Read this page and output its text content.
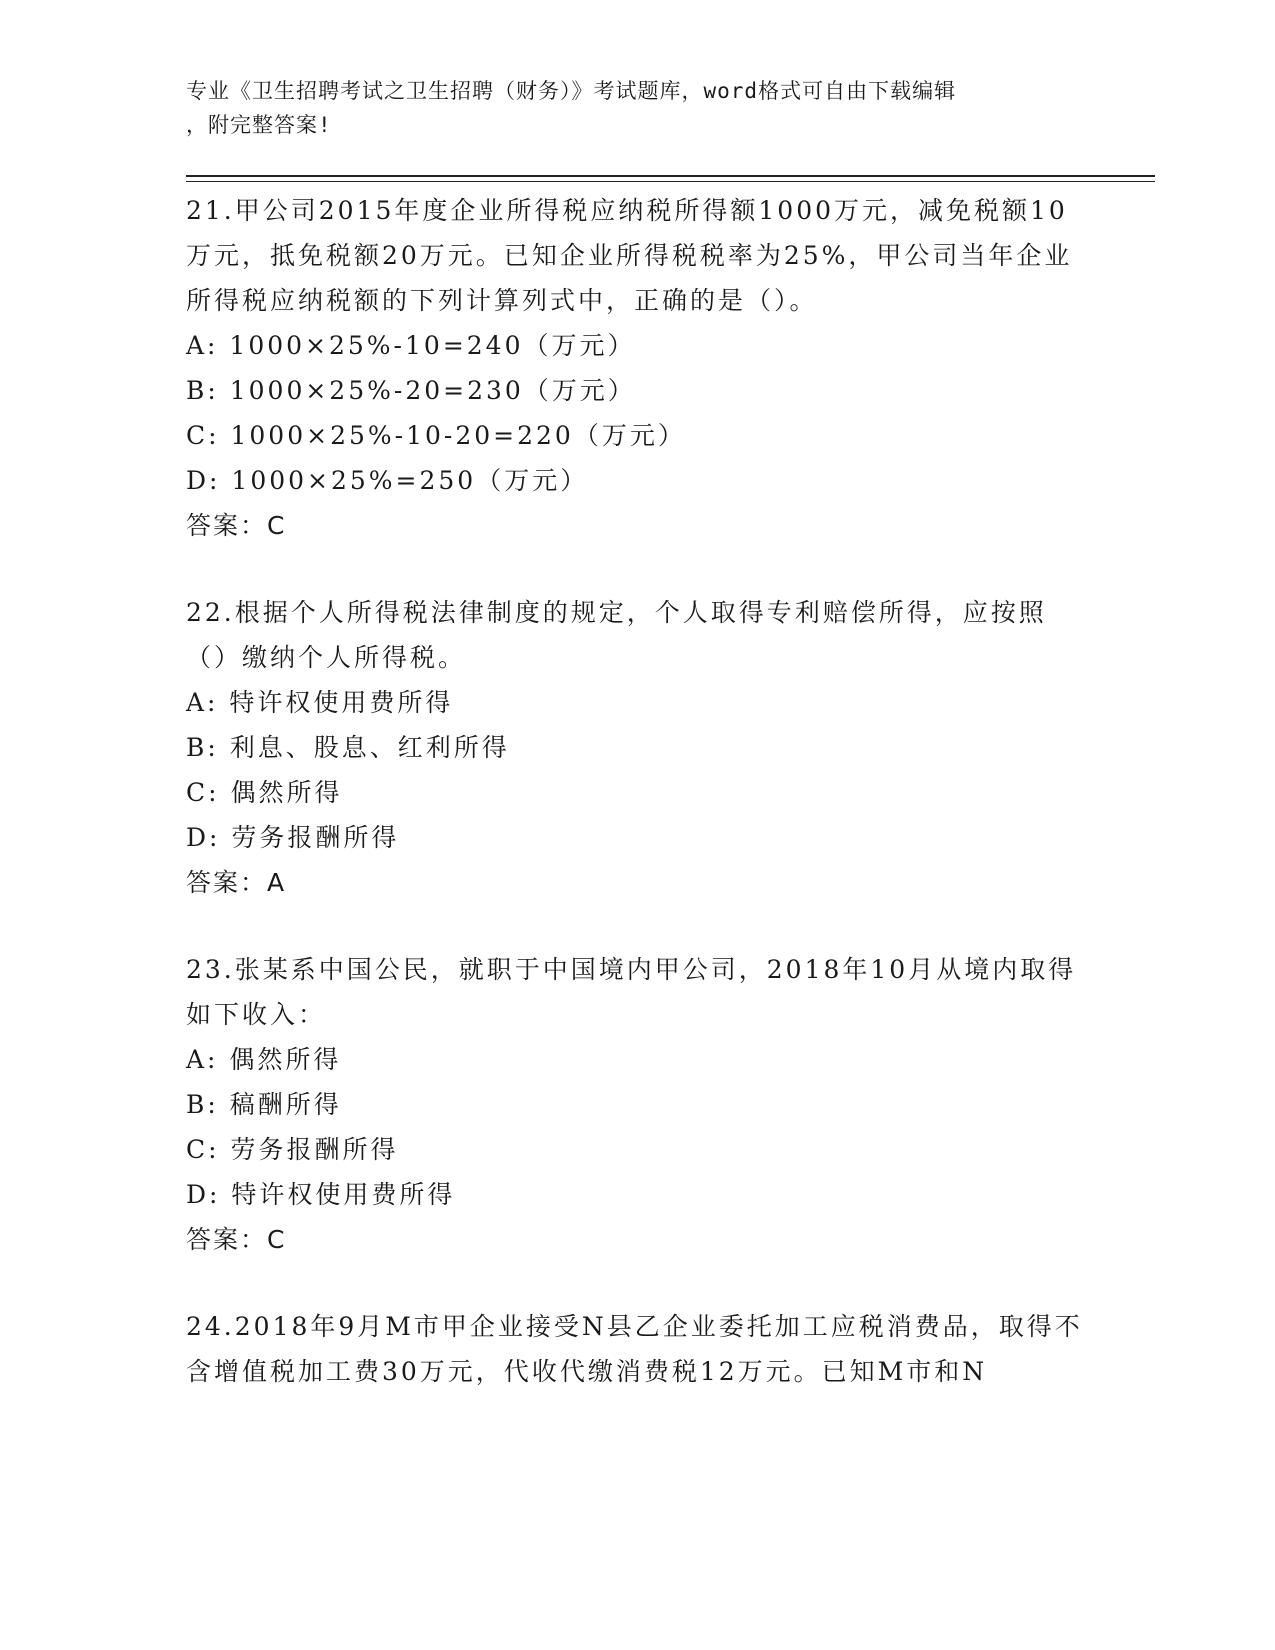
专业《卫生招聘考试之卫生招聘（财务）》考试题库，word格式可自由下载编辑
，附完整答案!

21.甲公司2015年度企业所得税应纳税所得额1000万元，减免税额10万元，抵免税额20万元。已知企业所得税税率为25%，甲公司当年企业所得税应纳税额的下列计算列式中，正确的是（）。

A: 1000×25%-10=240（万元）

B: 1000×25%-20=230（万元）

C: 1000×25%-10-20=220（万元）

D: 1000×25%=250（万元）

答案：C

22.根据个人所得税法律制度的规定，个人取得专利赔偿所得，应按照（）缴纳个人所得税。

A: 特许权使用费所得

B: 利息、股息、红利所得

C: 偶然所得

D: 劳务报酬所得

答案：A

23.张某系中国公民，就职于中国境内甲公司，2018年10月从境内取得如下收入：

A: 偶然所得

B: 稿酬所得

C: 劳务报酬所得

D: 特许权使用费所得

答案：C

24.2018年9月M市甲企业接受N县乙企业委托加工应税消费品，取得不含增值税加工费30万元，代收代缴消费税12万元。已知M市和N
